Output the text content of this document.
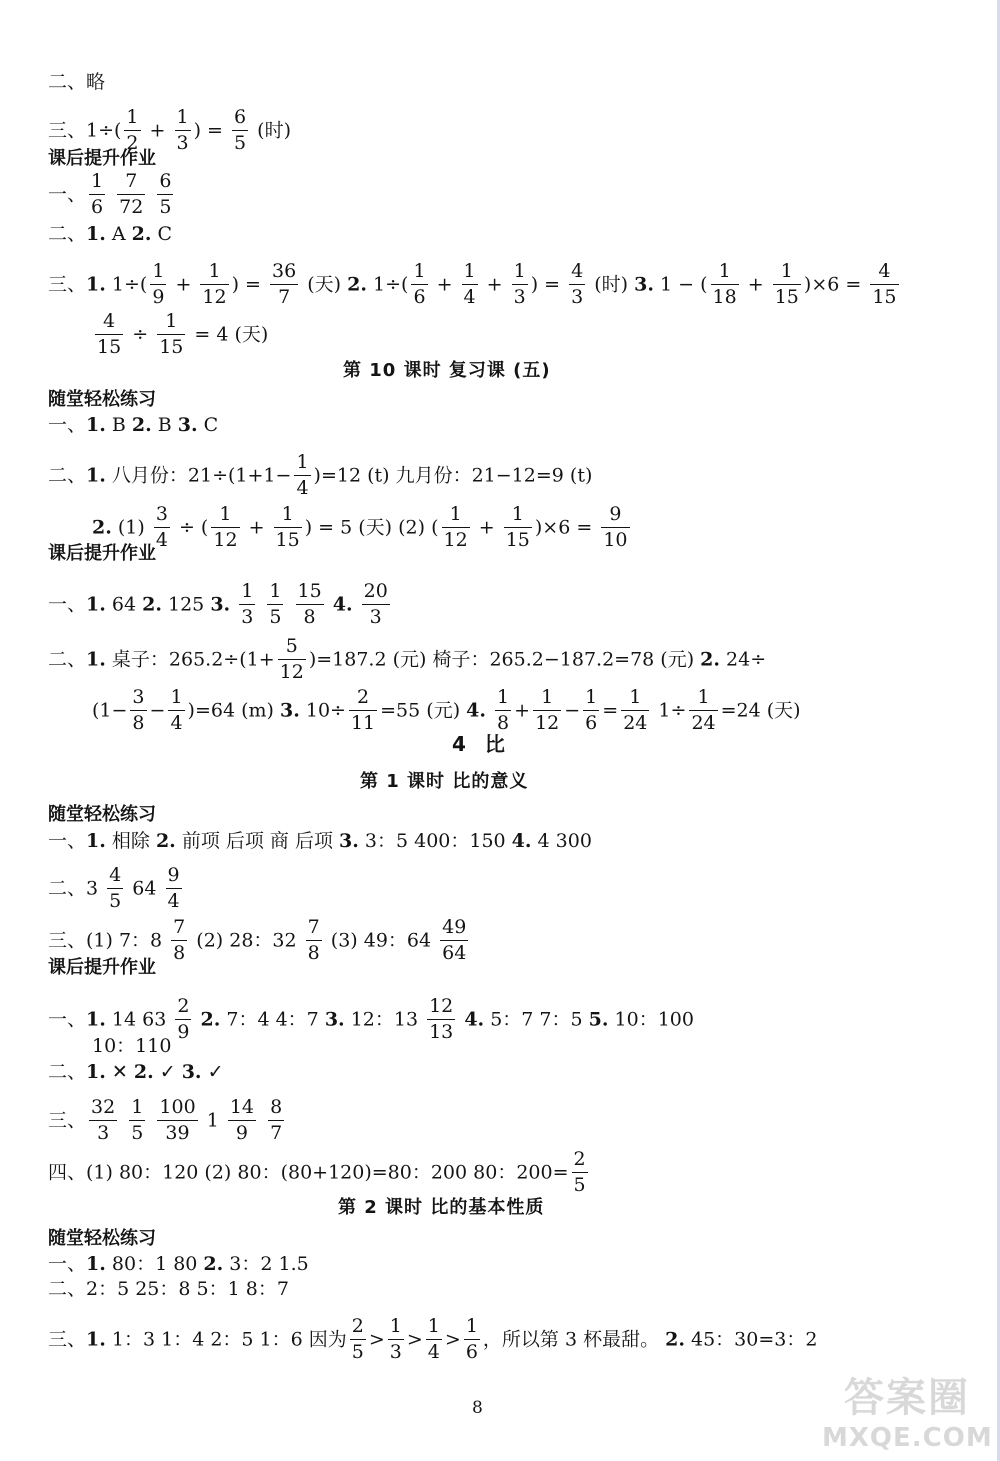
二、略
三、$1\div( \frac{1}{2} + \frac{1}{3}$ ) = $\frac{6}{5}$ (时)
课后提升作业
一、 $\frac{1}{6}$
$\frac{7}{72}$
$\frac{6}{5}$
二、1. A 2. C
三、1. $1\div( \frac{1}{9} + \frac{1}{12}$ ) = $\frac{36}{7}$ (天) 2. $1\div( \frac{1}{6} + \frac{1}{4} + \frac{1}{3}$ ) = $\frac{4}{3}$ (时) 3. 1 − ( $\frac{1}{18} + \frac{1}{15} )\times 6 = \frac{4}{15}$
$\frac{4}{15} \div \frac{1}{15} = 4$ (天)
第 10 课时 复习课 (五)
随堂轻松练习
一、1. B 2. B 3. C
二、1. 八月份：$21\div(1+1- \frac{1}{4} )=12$ (t) 九月份：21−12=9 (t)
2. $(1) \frac{3}{4}$ ÷ ( $\frac{1}{12} + \frac{1}{15}$ ) = 5 (天) (2) ( $\frac{1}{12} + \frac{1}{15} )\times 6 = \frac{9}{10}$
课后提升作业
一、1. 64 2. 125 3. $\frac{1}{3}$
$\frac{1}{5}$
$\frac{15}{8} 4$. $\frac{20}{3}$
二、1. 桌子：$265.2\div(1+ \frac{5}{12} )=187.2$ (元) 椅子：265.2−187.2=78 (元) 2. 24÷
$(1- \frac{3}{8} - \frac{1}{4} )=64$ (m) 3. $10\div \frac{2}{11} =55$ (元) 4. $\frac{1}{8} + \frac{1}{12} - \frac{1}{6} = \frac{1}{24} 1\div \frac{1}{24} =24$ (天)
4 比
第 1 课时 比的意义
随堂轻松练习
一、1. 相除 2. 前项 后项 商 后项 3. 3：5 400：150 4. 4 300
二、$3 \frac{4}{5} 64 \frac{9}{4}$
三、(1) 7：$8 \frac{7}{8} (2)$ 28：$32 \frac{7}{8} (3)$ 49：$64 \frac{49}{64}$
课后提升作业
一、1. 14 $63 \frac{2}{9} 2$. 7：4 4：7 3. 12：$13 \frac{12}{13} 4$. 5：7 7：5 5. 10：100
10：110
二、1. ✕ 2. ✓ 3. ✓
三、 $\frac{32}{3}$
$\frac{1}{5}$
$\frac{100}{39} 1 \frac{14}{9}$
$\frac{8}{7}$
四、(1) 80：120 (2) 80：(80+120)=80：200 80：$200= \frac{2}{5}$
第 2 课时 比的基本性质
随堂轻松练习
一、1. 80：1 80 2. 3：2 1.5
二、2：5 25：8 5：1 8：7
三、1. 1：3 1：4 2：5 1：6 因为 $\frac{2}{5} > \frac{1}{3} > \frac{1}{4} > \frac{1}{6}$ ，所以第 3 杯最甜。 2. 45：30=3：2
8	答案圈
MXQE.COM
